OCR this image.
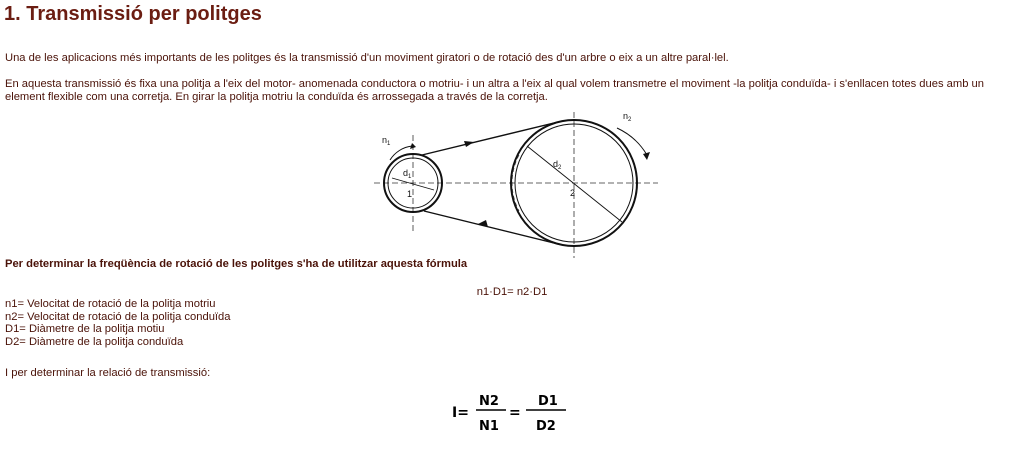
1. Transmissió per politges

Una de les aplicacions més importants de les politges és la transmissió d'un moviment giratori o de rotació des d'un arbre o eix a un altre paral·lel.

En aquesta transmissió és fixa una politja a l'eix del motor- anomenada conductora o motriu- i un altra a l'eix al qual volem transmetre el moviment -la politja conduïda- i s'enllacen totes dues amb un element flexible com una corretja. En girar la politja motriu la conduïda és arrossegada a través de la corretja.

$n_1$
$n_2$
$d_1$
$d_2$
1	2

Per determinar la freqüència de rotació de les politges s'ha de utilitzar aquesta fórmula

n1·D1= n2·D1

n1= Velocitat de rotació de la politja motriu
n2= Velocitat de rotació de la politja conduïda
D1= Diàmetre de la politja motiu
D2= Diàmetre de la politja conduïda

I per determinar la relació de transmissió:

I=
N2
N1
=
D1
D2
